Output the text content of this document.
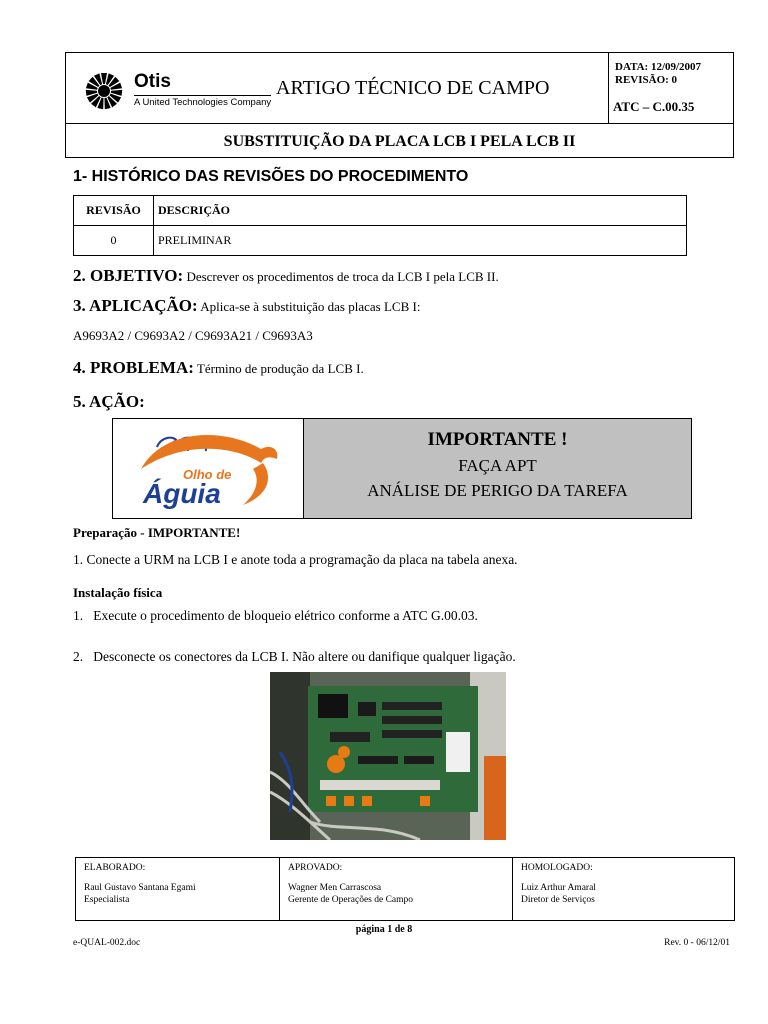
Otis
A United Technologies Company
ARTIGO TÉCNICO DE CAMPO
DATA: 12/09/2007
REVISÃO: 0
ATC – C.00.35
SUBSTITUIÇÃO DA PLACA LCB I PELA LCB II
1- HISTÓRICO DAS REVISÕES DO PROCEDIMENTO
REVISÃO	DESCRIÇÃO
0	PRELIMINAR
2. OBJETIVO: Descrever os procedimentos de troca da LCB I pela LCB II.
3. APLICAÇÃO: Aplica-se à substituição das placas LCB I:
A9693A2 / C9693A2 / C9693A21 / C9693A3
4. PROBLEMA: Término de produção da LCB I.
5. AÇÃO:
Olho de
Águia
IMPORTANTE !
FAÇA APT
ANÁLISE DE PERIGO DA TAREFA
Preparação - IMPORTANTE!
1. Conecte a URM na LCB I e anote toda a programação da placa na tabela anexa.
Instalação física
1. Execute o procedimento de bloqueio elétrico conforme a ATC G.00.03.
2. Desconecte os conectores da LCB I. Não altere ou danifique qualquer ligação.
ELABORADO:
Raul Gustavo Santana Egami
Especialista
APROVADO:
Wagner Men Carrascosa
Gerente de Operações de Campo
HOMOLOGADO:
Luiz Arthur Amaral
Diretor de Serviços
página 1 de 8
e-QUAL-002.doc	Rev. 0 - 06/12/01
